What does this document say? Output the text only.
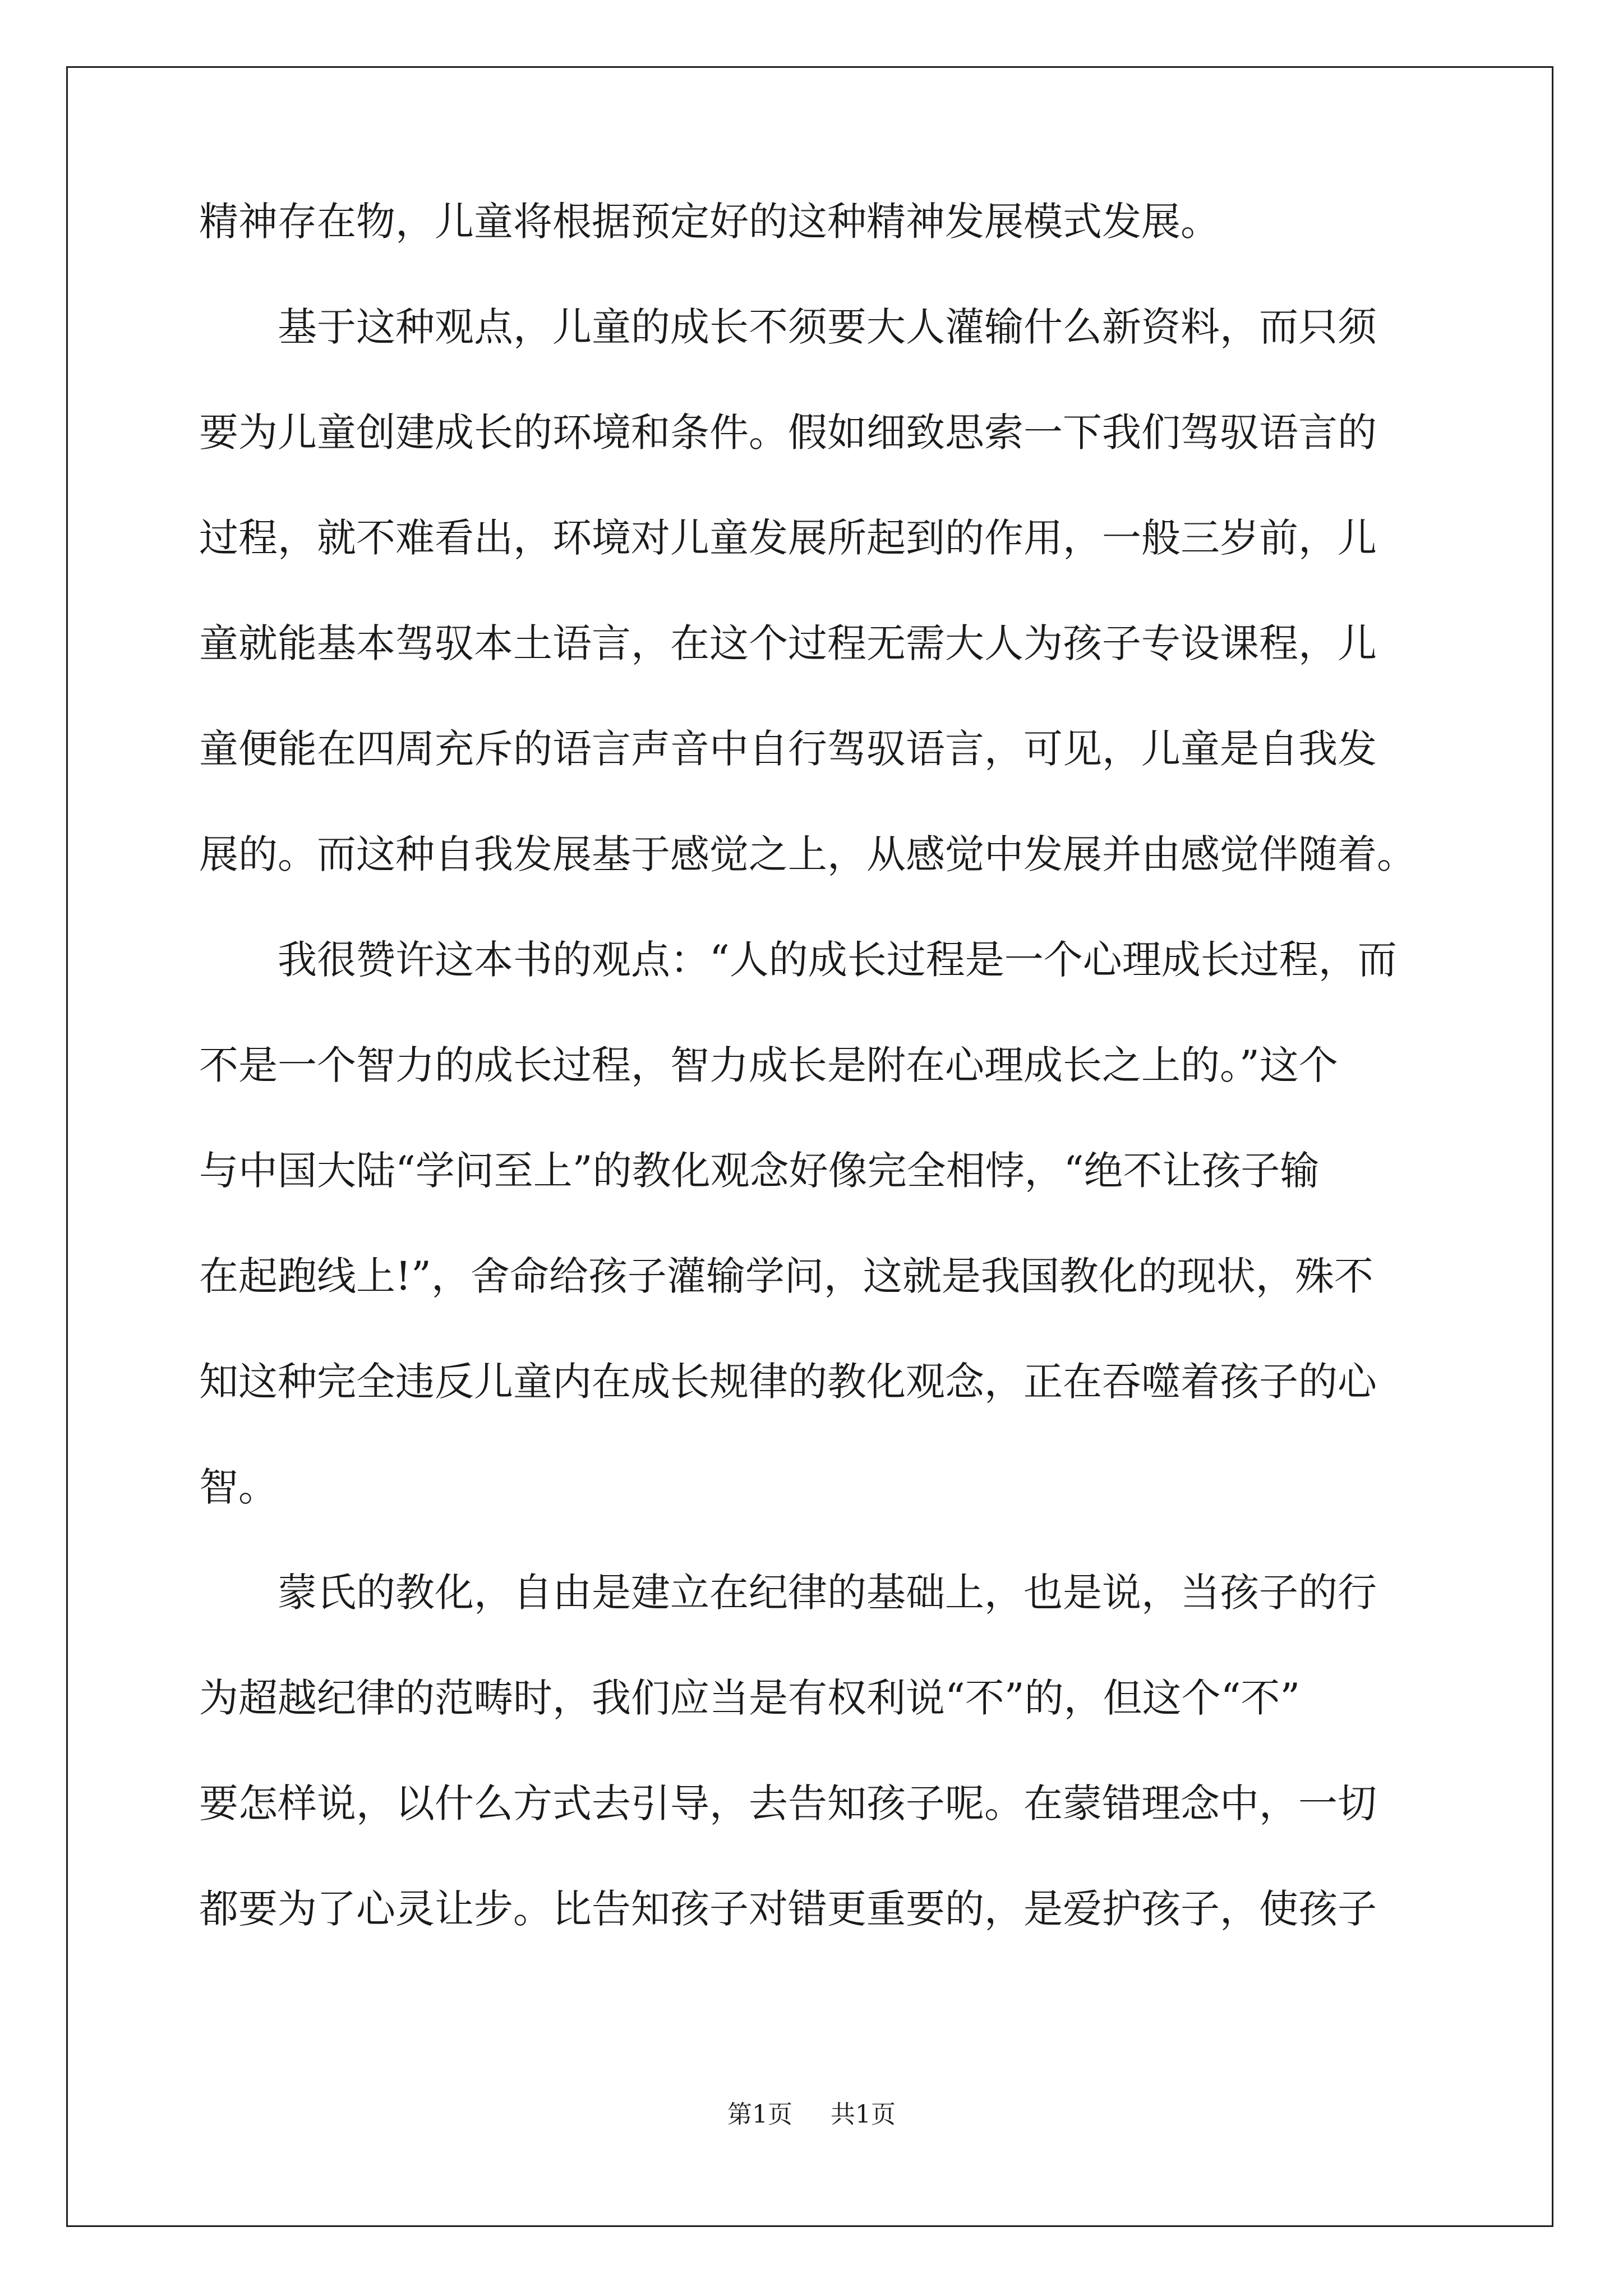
精神存在物，儿童将根据预定好的这种精神发展模式发展。
　　基于这种观点，儿童的成长不须要大人灌输什么新资料，而只须
要为儿童创建成长的环境和条件。假如细致思索一下我们驾驭语言的
过程，就不难看出，环境对儿童发展所起到的作用，一般三岁前，儿
童就能基本驾驭本土语言，在这个过程无需大人为孩子专设课程，儿
童便能在四周充斥的语言声音中自行驾驭语言，可见，儿童是自我发
展的。而这种自我发展基于感觉之上，从感觉中发展并由感觉伴随着。
　　我很赞许这本书的观点：“人的成长过程是一个心理成长过程，而
不是一个智力的成长过程，智力成长是附在心理成长之上的。”这个
与中国大陆“学问至上”的教化观念好像完全相悖，“绝不让孩子输
在起跑线上!”，舍命给孩子灌输学问，这就是我国教化的现状，殊不
知这种完全违反儿童内在成长规律的教化观念，正在吞噬着孩子的心
智。
　　蒙氏的教化，自由是建立在纪律的基础上，也是说，当孩子的行
为超越纪律的范畴时，我们应当是有权利说“不”的，但这个“不”
要怎样说，以什么方式去引导，去告知孩子呢。在蒙错理念中，一切
都要为了心灵让步。比告知孩子对错更重要的，是爱护孩子，使孩子
第1页 共1页
